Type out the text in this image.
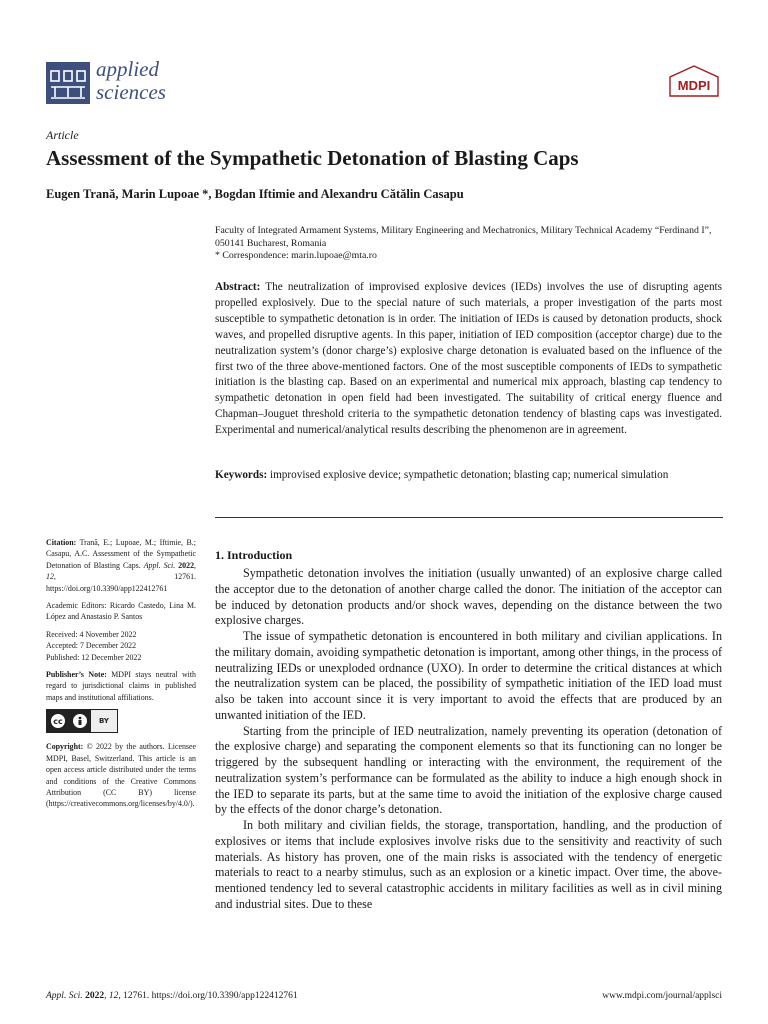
applied
sciences	MDPI
Article
Assessment of the Sympathetic Detonation of Blasting Caps
Eugen Trană, Marin Lupoae *, Bogdan Iftimie and Alexandru Cătălin Casapu
Faculty of Integrated Armament Systems, Military Engineering and Mechatronics, Military Technical Academy “Ferdinand I”, 050141 Bucharest, Romania
* Correspondence: marin.lupoae@mta.ro
Abstract: The neutralization of improvised explosive devices (IEDs) involves the use of disrupting agents propelled explosively. Due to the special nature of such materials, a proper investigation of the parts most susceptible to sympathetic detonation is in order. The initiation of IEDs is caused by detonation products, shock waves, and propelled disruptive agents. In this paper, initiation of IED composition (acceptor charge) due to the neutralization system’s (donor charge’s) explosive charge detonation is evaluated based on the influence of the first two of the three above-mentioned factors. One of the most susceptible components of IEDs to sympathetic initiation is the blasting cap. Based on an experimental and numerical mix approach, blasting cap tendency to sympathetic detonation in open field had been investigated. The suitability of critical energy fluence and Chapman–Jouguet threshold criteria to the sympathetic detonation tendency of blasting caps was investigated. Experimental and numerical/analytical results describing the phenomenon are in agreement.
Keywords: improvised explosive device; sympathetic detonation; blasting cap; numerical simulation

Citation: Trană, E.; Lupoae, M.; Iftimie, B.; Casapu, A.C. Assessment of the Sympathetic Detonation of Blasting Caps. Appl. Sci. 2022, 12, 12761. https://doi.org/10.3390/app122412761

Academic Editors: Ricardo Castedo, Lina M. López and Anastasio P. Santos

Received: 4 November 2022
Accepted: 7 December 2022
Published: 12 December 2022

Publisher’s Note: MDPI stays neutral with regard to jurisdictional claims in published maps and institutional affiliations.

cc	BY

Copyright: © 2022 by the authors. Licensee MDPI, Basel, Switzerland. This article is an open access article distributed under the terms and conditions of the Creative Commons Attribution (CC BY) license (https://creativecommons.org/licenses/by/4.0/).

1. Introduction

Sympathetic detonation involves the initiation (usually unwanted) of an explosive charge called the acceptor due to the detonation of another charge called the donor. The initiation of the acceptor can be induced by detonation products and/or shock waves, depending on the distance between the two explosive charges.

The issue of sympathetic detonation is encountered in both military and civilian applications. In the military domain, avoiding sympathetic detonation is important, among other things, in the process of neutralizing IEDs or unexploded ordnance (UXO). In order to determine the critical distances at which the neutralization system can be placed, the possibility of sympathetic initiation of the IED load must also be taken into account since it is very important to avoid the effects that are produced by an unwanted initiation of the IED.

Starting from the principle of IED neutralization, namely preventing its operation (detonation of the explosive charge) and separating the component elements so that its functioning can no longer be triggered by the subsequent handling or interacting with the environment, the requirement of the neutralization system’s performance can be formulated as the ability to induce a high enough shock in the IED to separate its parts, but at the same time to avoid the initiation of the explosive charge caused by the effects of the donor charge’s detonation.

In both military and civilian fields, the storage, transportation, handling, and the production of explosives or items that include explosives involve risks due to the sensitivity and reactivity of such materials. As history has proven, one of the main risks is associated with the tendency of energetic materials to react to a nearby stimulus, such as an explosion or a kinetic impact. Over time, the above-mentioned tendency led to several catastrophic accidents in military facilities as well as in civil mining and industrial sites. Due to these

Appl. Sci. 2022, 12, 12761. https://doi.org/10.3390/app122412761	www.mdpi.com/journal/applsci
